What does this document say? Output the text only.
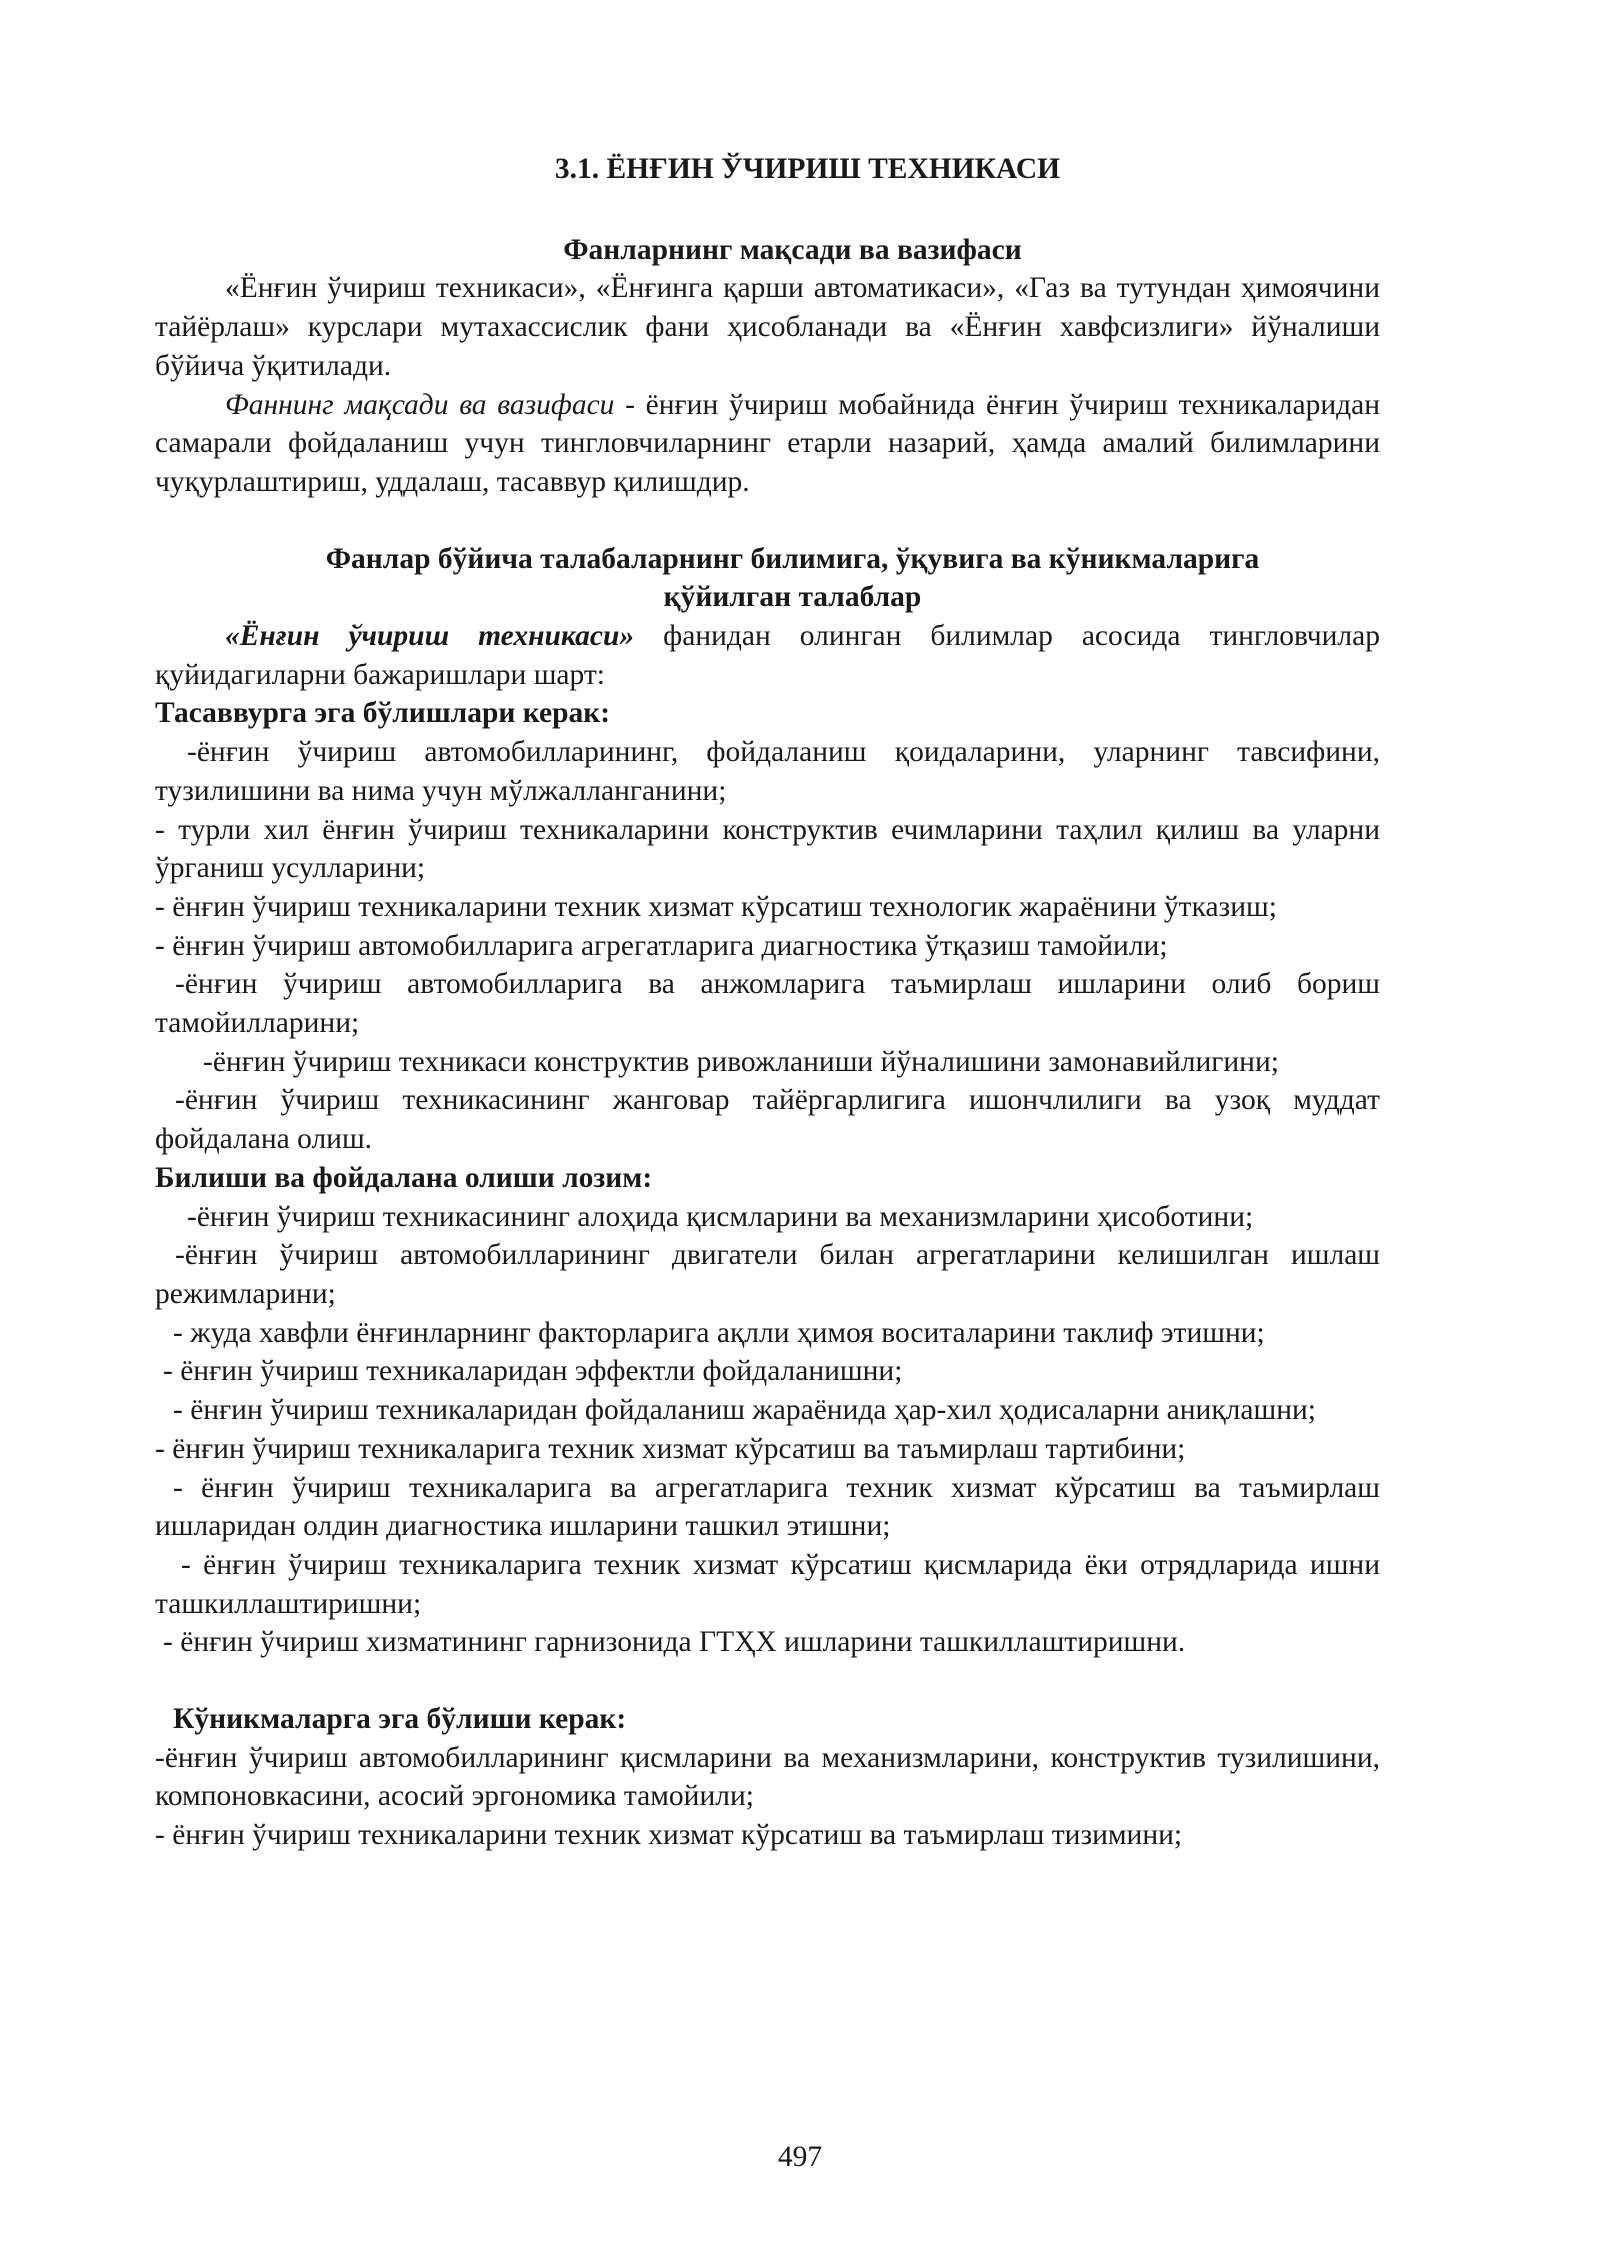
3.1. ЁНҒИН ЎЧИРИШ ТЕХНИКАСИ

Фанларнинг мақсади ва вазифаси

«Ёнғин ўчириш техникаси», «Ёнғинга қарши автоматикаси», «Газ ва тутундан ҳимоячини тайёрлаш» курслари мутахассислик фани ҳисобланади ва «Ёнғин хавфсизлиги» йўналиши бўйича ўқитилади.

Фаннинг мақсади ва вазифаси - ёнғин ўчириш мобайнида ёнғин ўчириш техникаларидан самарали фойдаланиш учун тингловчиларнинг етарли назарий, ҳамда амалий билимларини чуқурлаштириш, уддалаш, тасаввур қилишдир.

Фанлар бўйича талабаларнинг билимига, ўқувига ва кўникмаларига

қўйилган талаблар

«Ёнғин ўчириш техникаси» фанидан олинган билимлар асосида тингловчилар қуйидагиларни бажаришлари шарт:

Тасаввурга эга бўлишлари керак:

-ёнғин ўчириш автомобилларининг, фойдаланиш қоидаларини, уларнинг тавсифини, тузилишини ва нима учун мўлжалланганини;

- турли хил ёнғин ўчириш техникаларини конструктив ечимларини таҳлил қилиш ва уларни ўрганиш усулларини;

- ёнғин ўчириш техникаларини техник хизмат кўрсатиш технологик жараёнини ўтказиш;

- ёнғин ўчириш автомобилларига агрегатларига диагностика ўтқазиш тамойили;

-ёнғин ўчириш автомобилларига ва анжомларига таъмирлаш ишларини олиб бориш тамойилларини;

-ёнғин ўчириш техникаси конструктив ривожланиши йўналишини замонавийлигини;

-ёнғин ўчириш техникасининг жанговар тайёргарлигига ишончлилиги ва узоқ муддат фойдалана олиш.

Билиши ва фойдалана олиши лозим:

-ёнғин ўчириш техникасининг алоҳида қисмларини ва механизмларини ҳисоботини;

-ёнғин ўчириш автомобилларининг двигатели билан агрегатларини келишилган ишлаш режимларини;

- жуда хавфли ёнғинларнинг факторларига ақлли ҳимоя воситаларини таклиф этишни;

- ёнғин ўчириш техникаларидан эффектли фойдаланишни;

- ёнғин ўчириш техникаларидан фойдаланиш жараёнида ҳар-хил ҳодисаларни аниқлашни;

- ёнғин ўчириш техникаларига техник хизмат кўрсатиш ва таъмирлаш тартибини;

- ёнғин ўчириш техникаларига ва агрегатларига техник хизмат кўрсатиш ва таъмирлаш ишларидан олдин диагностика ишларини ташкил этишни;

- ёнғин ўчириш техникаларига техник хизмат кўрсатиш қисмларида ёки отрядларида ишни ташкиллаштиришни;

- ёнғин ўчириш хизматининг гарнизонида ГТҲХ ишларини ташкиллаштиришни.

Кўникмаларга эга бўлиши керак:

-ёнғин ўчириш автомобилларининг қисмларини ва механизмларини, конструктив тузилишини, компоновкасини, асосий эргономика тамойили;

- ёнғин ўчириш техникаларини техник хизмат кўрсатиш ва таъмирлаш тизимини;

497
